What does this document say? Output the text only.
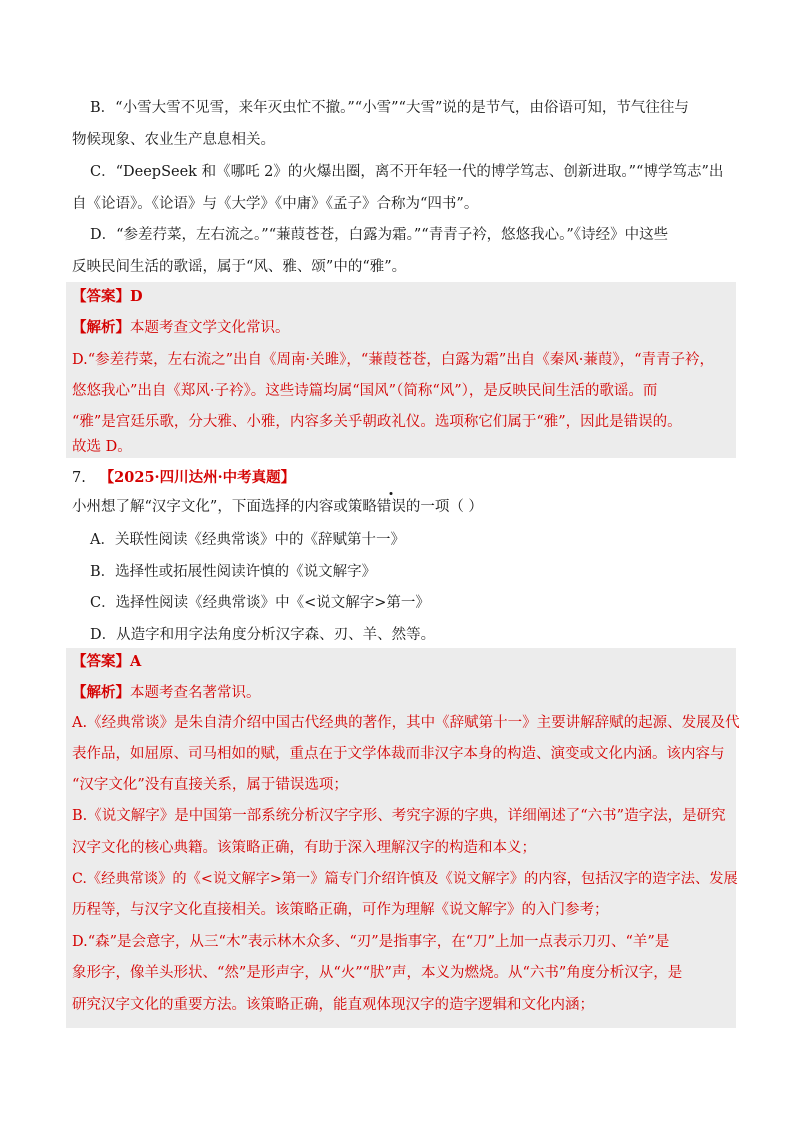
B．“小雪大雪不见雪，来年灭虫忙不撤。”“小雪”“大雪”说的是节气，由俗语可知，节气往往与
物候现象、农业生产息息相关。
C．“DeepSeek 和《哪吒 2》的火爆出圈，离不开年轻一代的博学笃志、创新进取。”“博学笃志”出
自《论语》。《论语》与《大学》《中庸》《孟子》合称为“四书”。
D．“参差荇菜，左右流之。”“蒹葭苍苍，白露为霜。”“青青子衿，悠悠我心。”《诗经》中这些
反映民间生活的歌谣，属于“风、雅、颂”中的“雅”。
【答案】D
【解析】本题考查文学文化常识。
D.“参差荇菜，左右流之”出自《周南·关雎》，“蒹葭苍苍，白露为霜”出自《秦风·蒹葭》，“青青子衿，
悠悠我心”出自《郑风·子衿》。这些诗篇均属“国风”（简称“风”），是反映民间生活的歌谣。而
“雅”是宫廷乐歌，分大雅、小雅，内容多关乎朝政礼仪。选项称它们属于“雅”，因此是错误的。
故选 D。
7. 【2025·四川达州·中考真题】
小州想了解“汉字文化”，下面选择的内容或策略错误的一项（ ）
A．关联性阅读《经典常谈》中的《辞赋第十一》
B．选择性或拓展性阅读许慎的《说文解字》
C．选择性阅读《经典常谈》中《<说文解字>第一》
D．从造字和用字法角度分析汉字森、刃、羊、然等。
【答案】A
【解析】本题考查名著常识。
A.《经典常谈》是朱自清介绍中国古代经典的著作，其中《辞赋第十一》主要讲解辞赋的起源、发展及代
表作品，如屈原、司马相如的赋，重点在于文学体裁而非汉字本身的构造、演变或文化内涵。该内容与
“汉字文化”没有直接关系，属于错误选项；
B.《说文解字》是中国第一部系统分析汉字字形、考究字源的字典，详细阐述了“六书”造字法，是研究
汉字文化的核心典籍。该策略正确，有助于深入理解汉字的构造和本义；
C.《经典常谈》的《<说文解字>第一》篇专门介绍许慎及《说文解字》的内容，包括汉字的造字法、发展
历程等，与汉字文化直接相关。该策略正确，可作为理解《说文解字》的入门参考；
D.“森”是会意字，从三“木”表示林木众多、“刃”是指事字，在“刀”上加一点表示刀刃、“羊”是
象形字，像羊头形状、“然”是形声字，从“火”“肰”声，本义为燃烧。从“六书”角度分析汉字，是
研究汉字文化的重要方法。该策略正确，能直观体现汉字的造字逻辑和文化内涵；
